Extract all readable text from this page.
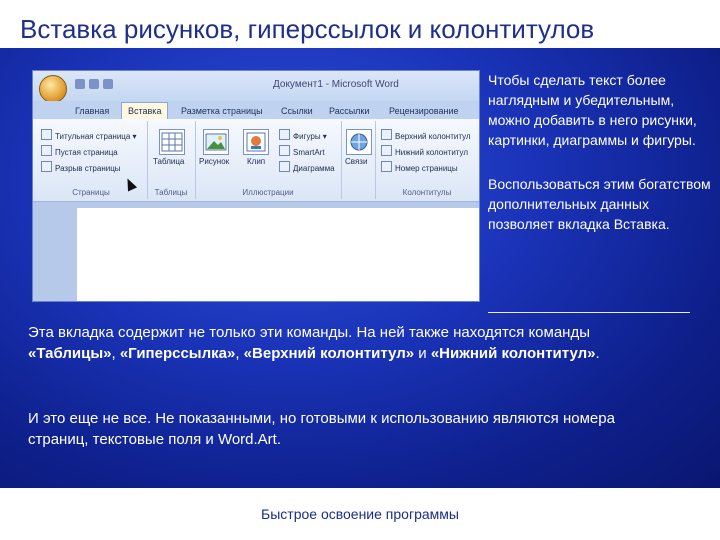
Вставка рисунков, гиперссылок и колонтитулов
Документ1 - Microsoft Word
Главная	Вставка	Разметка страницы	Ссылки	Рассылки	Рецензирование
Титульная страница ▾
Пустая страница
Разрыв страницы
Страницы
Таблица
Таблицы
Рисунок Клип
Фигуры ▾
SmartArt
Диаграмма
Иллюстрации
Связи
Верхний колонтитул
Нижний колонтитул
Номер страницы
Колонтитулы
Чтобы сделать текст более наглядным и убедительным, можно добавить в него рисунки, картинки, диаграммы и фигуры.
Воспользоваться этим богатством дополнительных данных позволяет вкладка Вставка.
Эта вкладка содержит не только эти команды. На ней также находятся команды «Таблицы», «Гиперссылка», «Верхний колонтитул» и «Нижний колонтитул».
И это еще не все. Не показанными, но готовыми к использованию являются номера страниц, текстовые поля и Word.Art.
Быстрое освоение программы
